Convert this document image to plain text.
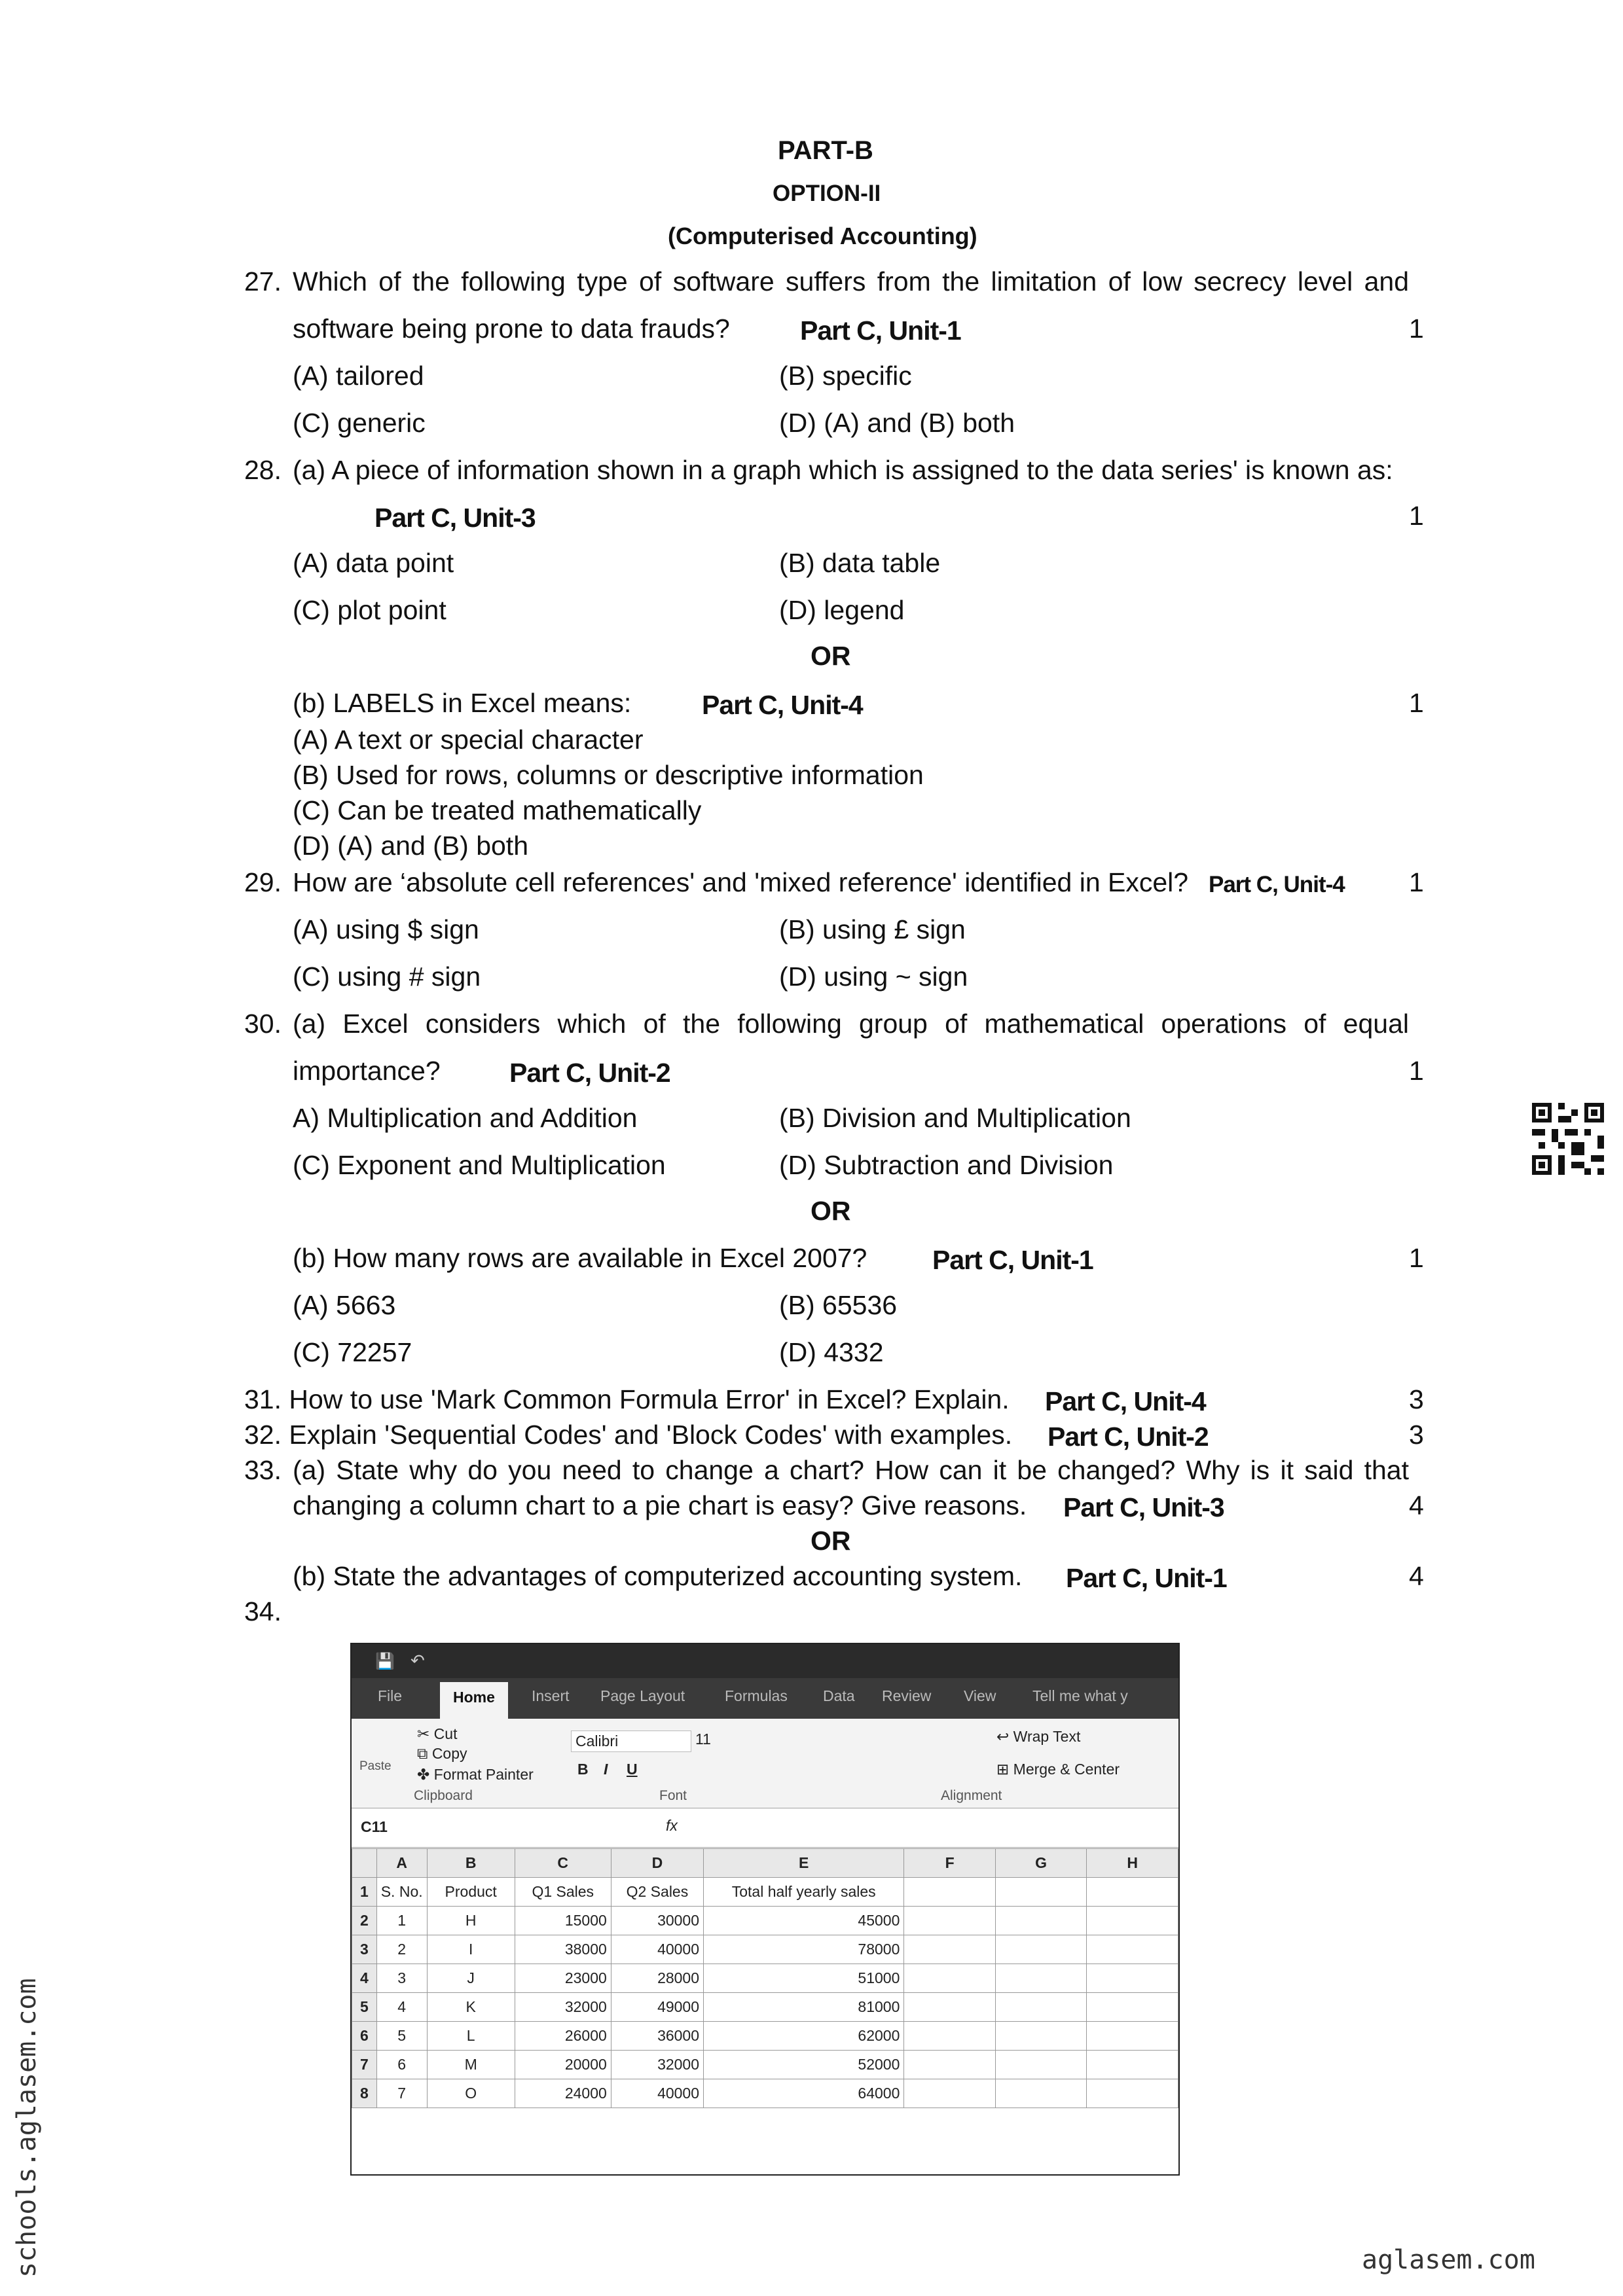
PART-B
OPTION-II
(Computerised Accounting)
27. Which of the following type of software suffers from the limitation of low secrecy level and
software being prone to data frauds?	Part C, Unit-1	1
(A) tailored	(B) specific
(C) generic	(D) (A) and (B) both
28. (a) A piece of information shown in a graph which is assigned to the data series' is known as:
Part C, Unit-3	1
(A) data point	(B) data table
(C) plot point	(D) legend
OR
(b) LABELS in Excel means:	Part C, Unit-4	1
(A) A text or special character
(B) Used for rows, columns or descriptive information
(C) Can be treated mathematically
(D) (A) and (B) both
29. How are ‘absolute cell references' and 'mixed reference' identified in Excel? Part C, Unit-4 1
(A) using $ sign	(B) using £ sign
(C) using # sign	(D) using ~ sign
30. (a) Excel considers which of the following group of mathematical operations of equal
importance?	Part C, Unit-2	1
A) Multiplication and Addition	(B) Division and Multiplication
(C) Exponent and Multiplication	(D) Subtraction and Division
OR
(b) How many rows are available in Excel 2007? Part C, Unit-1	1
(A) 5663	(B) 65536
(C) 72257	(D) 4332
31. How to use 'Mark Common Formula Error' in Excel? Explain. Part C, Unit-4	3
32. Explain 'Sequential Codes' and 'Block Codes' with examples. Part C, Unit-2	3
33. (a) State why do you need to change a chart? How can it be changed? Why is it said that
changing a column chart to a pie chart is easy? Give reasons. Part C, Unit-3	4
OR
(b) State the advantages of computerized accounting system. Part C, Unit-1	4
34.
💾 ↶
File	Home	Insert Page Layout	Formulas Data Review View Tell me what y
Paste
✂ Cut
⧉ Copy
✤ Format Painter
Clipboard
Calibri	11
B I U
Font
↩ Wrap Text
⊞ Merge & Center
Alignment
C11	fx
	A	B	C	D	E	F	G	H
1	S. No.	Product	Q1 Sales	Q2 Sales	Total half yearly sales			
2	1	H	15000	30000	45000			
3	2	I	38000	40000	78000			
4	3	J	23000	28000	51000			
5	4	K	32000	49000	81000			
6	5	L	26000	36000	62000			
7	6	M	20000	32000	52000			
8	7	O	24000	40000	64000			
schools.aglasem.com	aglasem.com
